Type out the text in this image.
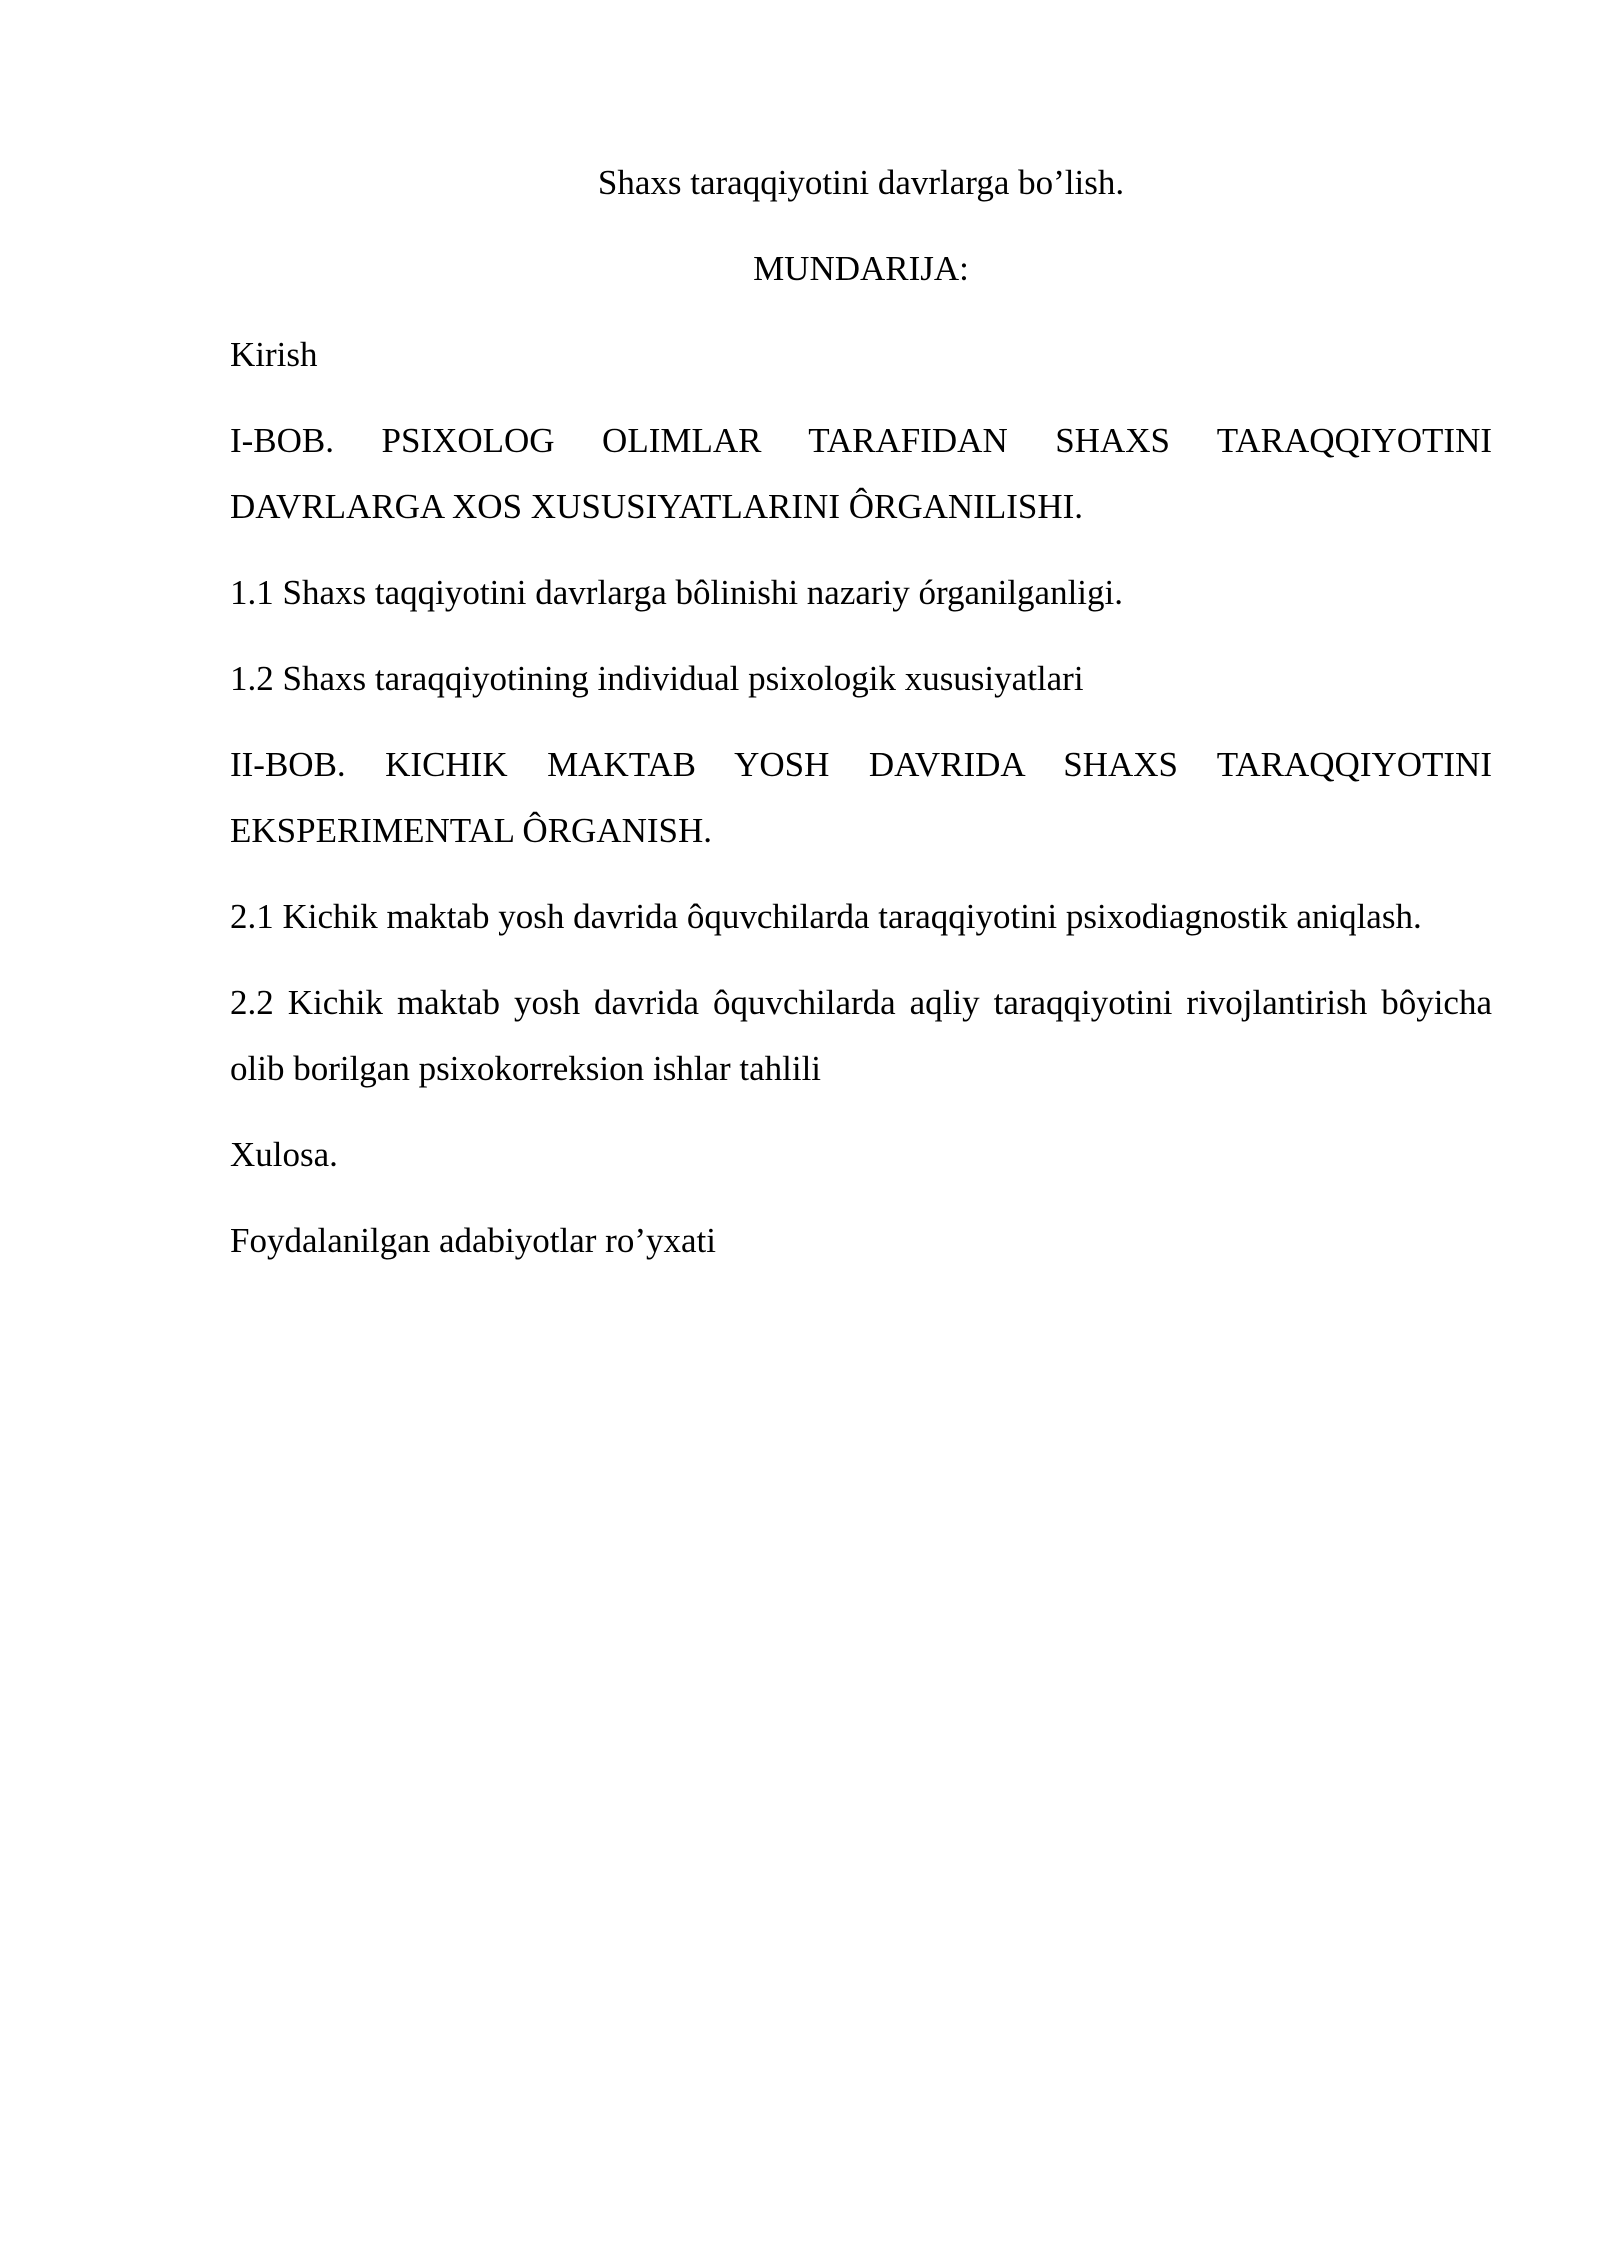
Shaxs taraqqiyotini davrlarga bo’lish.
MUNDARIJA:
Kirish
I-BOB. PSIXOLOG OLIMLAR TARAFIDAN SHAXS TARAQQIYOTINI DAVRLARGA XOS XUSUSIYATLARINI ÔRGANILISHI.
1.1 Shaxs taqqiyotini davrlarga bôlinishi nazariy órganilganligi.
1.2 Shaxs taraqqiyotining individual psixologik xususiyatlari
II-BOB. KICHIK MAKTAB YOSH DAVRIDA SHAXS TARAQQIYOTINI EKSPERIMENTAL ÔRGANISH.
2.1 Kichik maktab yosh davrida ôquvchilarda taraqqiyotini psixodiagnostik aniqlash.
2.2 Kichik maktab yosh davrida ôquvchilarda aqliy taraqqiyotini rivojlantirish bôyicha olib borilgan psixokorreksion ishlar tahlili
Xulosa.
Foydalanilgan adabiyotlar ro’yxati
